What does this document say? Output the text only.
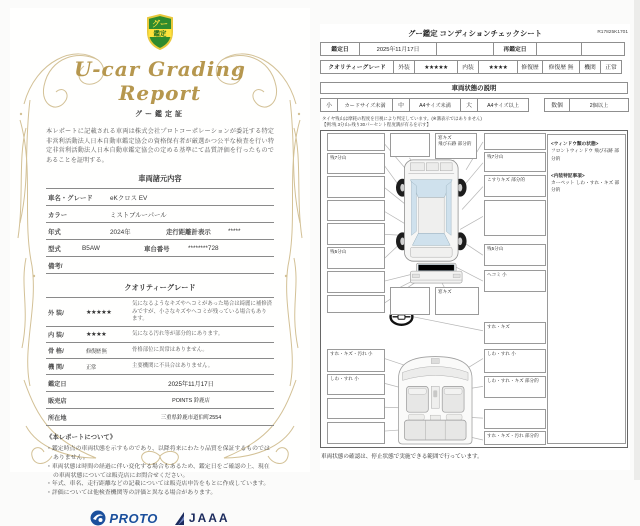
グー
鑑定
U-car Grading Report
グー鑑定証
本レポートに記載される車両は株式会社プロトコーポレーションが委託する特定非営利活動法人日本自動車鑑定協会の資格保有者が厳選かつ公平な検査を行い特定非営利活動法人日本自動車鑑定協会の定める基準にて品質評価を行ったものであることを証明する。
車両諸元内容
車名・グレード	eKクロス EV
カラー	ミストブルーパール
年式	2024年	走行距離計表示	*****
型式	B5AW	車台番号	********728
備考/
クオリティーグレード
外 装/	★★★★★
気になるようなキズやヘコミがあった場合は綺麗に補修済みですが、小さなキズやヘコミが残っている場合もあります。
内 装/	★★★★	気になる汚れ等が部分的にあります。
骨 格/	修復歴 無	骨格部位に異常はありません。
機 関/	正常	主要機関に不具合はありません。
鑑定日	2025年11月17日
販売店	POINTS 鈴鹿店
所在地	三重県鈴鹿市道伯町2554
《本レポートについて》
・鑑定時点の車両状態を示すものであり、以降将来にわたり品質を保証するものではありません。
・車両状態は時間の経過に伴い変化する場合もあるため、鑑定日をご確認の上、現在の車両状態については販売店にお問合せください。
・年式、車名、走行距離などの記載については販売店申告をもとに作成しています。
・評価については他検査機関等の評価と異なる場合があります。
PROTO	JAAA
グー鑑定 コンディションチェックシート	R17825K1701
鑑定日	2025年11月17日	再鑑定日
クオリティーグレード	外装	★★★★★	内装	★★★★	修復歴	修復歴 無	機関	正常
車両状態の説明
小	カードサイズ未満	中	A4サイズ未満	大	A4サイズ以上	数個	2個以上
タイヤ残山は摩耗の程度を目視により判定しています。(※溝表示ではありません)
【例:残 3分山=残り30パーセント程度溝が有るを示す】
残7分山
残5分山
すれ・キズ・汚れ 小
しわ・すれ 小
窓キズ
飛び石跡 部分的
窓キズ
残7分山
こすりキズ 部分的
残5分山
ヘコミ 小
すれ・キズ
しわ・すれ 小
しわ・すれ・キズ 部分的
すれ・キズ・汚れ 部分的
<ウィンドウ類の状態>
フロントウィンドウ 飛び石跡 部分的
<内装特記事項>
カーペット しわ・すれ・キズ 部分的
車両状態の確認は、停止状態で実施できる範囲で行っています。
